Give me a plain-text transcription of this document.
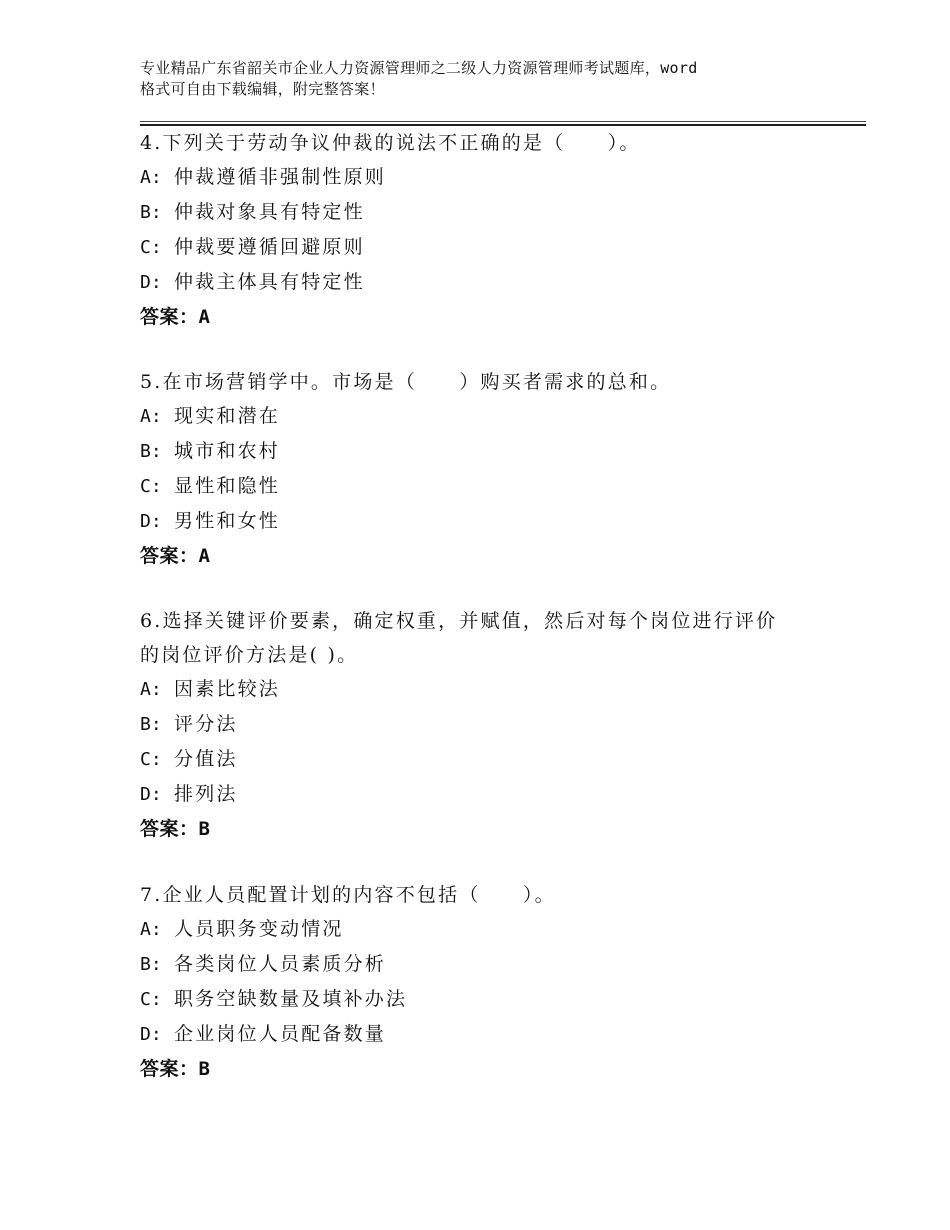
专业精品广东省韶关市企业人力资源管理师之二级人力资源管理师考试题库，word
格式可自由下载编辑，附完整答案！

4.下列关于劳动争议仲裁的说法不正确的是（　　）。

A: 仲裁遵循非强制性原则

B: 仲裁对象具有特定性

C: 仲裁要遵循回避原则

D: 仲裁主体具有特定性

答案：A

5.在市场营销学中。市场是（　　）购买者需求的总和。

A: 现实和潜在

B: 城市和农村

C: 显性和隐性

D: 男性和女性

答案：A

6.选择关键评价要素，确定权重，并赋值，然后对每个岗位进行评价

的岗位评价方法是( )。

A: 因素比较法

B: 评分法

C: 分值法

D: 排列法

答案：B

7.企业人员配置计划的内容不包括（　　）。

A: 人员职务变动情况

B: 各类岗位人员素质分析

C: 职务空缺数量及填补办法

D: 企业岗位人员配备数量

答案：B
